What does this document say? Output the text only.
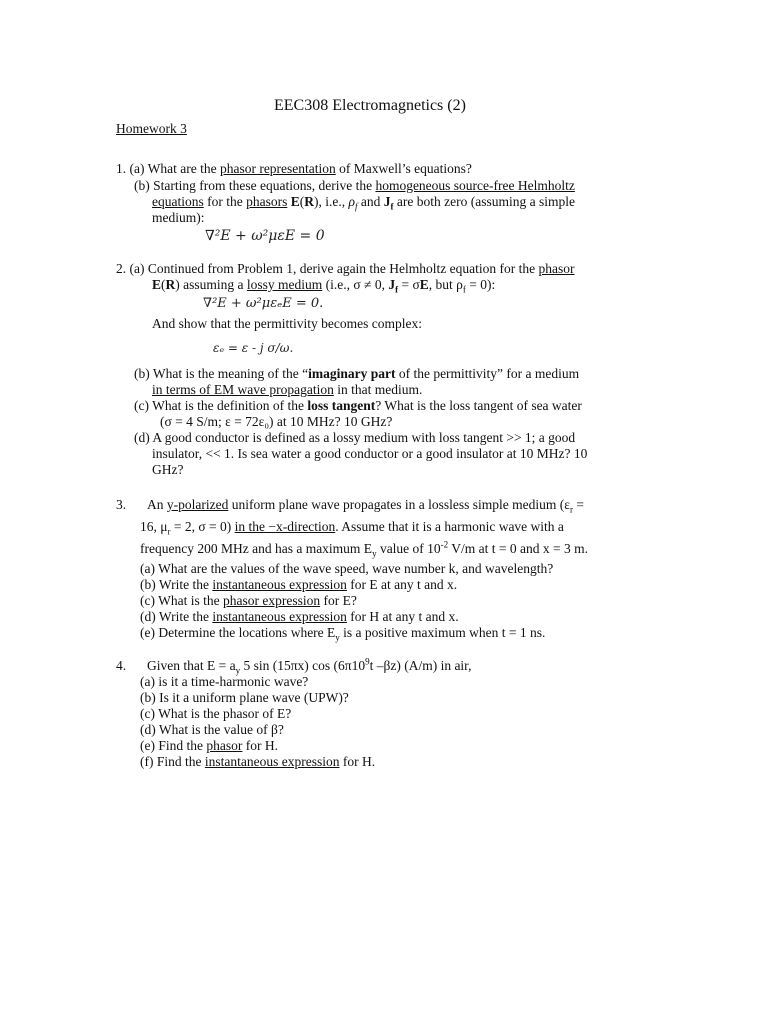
EEC308 Electromagnetics (2)
Homework 3
1. (a) What are the phasor representation of Maxwell’s equations?
(b) Starting from these equations, derive the homogeneous source-free Helmholtz
equations for the phasors E(R), i.e., $\rho_f$ and $J_f$ are both zero (assuming a simple
medium):
∇²E + ω²μεE = 0
2. (a) Continued from Problem 1, derive again the Helmholtz equation for the phasor
E(R) assuming a lossy medium (i.e., σ ≠ 0, $J_f = \sigma E$, but $\rho_f = 0$):
∇²E + ω²μεₑE = 0.
And show that the permittivity becomes complex:
εₑ = ε - j σ/ω.
(b) What is the meaning of the “imaginary part of the permittivity” for a medium
in terms of EM wave propagation in that medium.
(c) What is the definition of the loss tangent? What is the loss tangent of sea water
(σ = 4 S/m; ε = 72ε₀) at 10 MHz? 10 GHz?
(d) A good conductor is defined as a lossy medium with loss tangent >> 1; a good
insulator, << 1. Is sea water a good conductor or a good insulator at 10 MHz? 10
GHz?
3. An y-polarized uniform plane wave propagates in a lossless simple medium ($\varepsilon_r$ =
16, $\mu_r = 2$, σ = 0) in the −x-direction. Assume that it is a harmonic wave with a
frequency 200 MHz and has a maximum $E_y$ value of $10^{-2}$ V/m at t = 0 and x = 3 m.
(a) What are the values of the wave speed, wave number k, and wavelength?
(b) Write the instantaneous expression for E at any t and x.
(c) What is the phasor expression for E?
(d) Write the instantaneous expression for H at any t and x.
(e) Determine the locations where $E_y$ is a positive maximum when t = 1 ns.
4. Given that $E = a_y$ 5 sin (15πx) $\cos (6\pi 10^9t$ –βz) (A/m) in air,
(a) is it a time-harmonic wave?
(b) Is it a uniform plane wave (UPW)?
(c) What is the phasor of E?
(d) What is the value of β?
(e) Find the phasor for H.
(f) Find the instantaneous expression for H.
